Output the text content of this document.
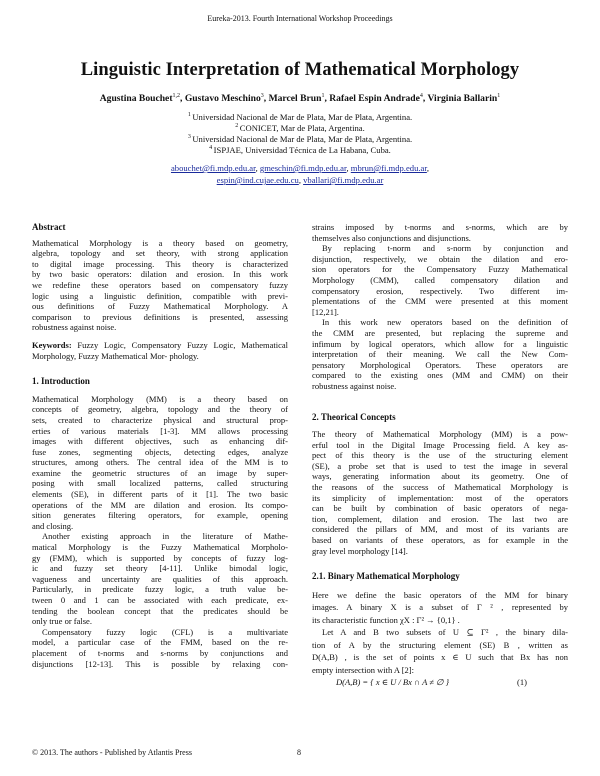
Eureka-2013. Fourth International Workshop Proceedings
Linguistic Interpretation of Mathematical Morphology
Agustina Bouchet$^{1,2}$, Gustavo Meschino$^3$, Marcel Brun$^1$, Rafael Espin Andrade$^4$, Virginia Ballarin$^1$
$^1$ Universidad Nacional de Mar de Plata, Mar de Plata, Argentina.
$^2$ CONICET, Mar de Plata, Argentina.
$^3$ Universidad Nacional de Mar de Plata, Mar de Plata, Argentina.
$^4$ ISPJAE, Universidad Técnica de La Habana, Cuba.
abouchet@fi.mdp.edu.ar, gmeschin@fi.mdp.edu.ar, mbrun@fi.mdp.edu.ar,
espin@ind.cujae.edu.cu, vballari@fi.mdp.edu.ar

Abstract

Mathematical Morphology is a theory based on geometry,
algebra, topology and set theory, with strong application
to digital image processing. This theory is characterized
by two basic operators: dilation and erosion. In this work
we redefine these operators based on compensatory fuzzy
logic using a linguistic definition, compatible with previ-
ous definitions of Fuzzy Mathematical Morphology. A
comparison to previous definitions is presented, assessing
robustness against noise.

Keywords: Fuzzy Logic, Compensatory Fuzzy Logic, Mathematical Morphology, Fuzzy Mathematical Mor- phology.

1. Introduction

Mathematical Morphology (MM) is a theory based on
concepts of geometry, algebra, topology and the theory of
sets, created to characterize physical and structural prop-
erties of various materials [1-3]. MM allows processing
images with different objectives, such as enhancing dif-
fuse zones, segmenting objects, detecting edges, analyze
structures, among others. The central idea of the MM is to
examine the geometric structures of an image by super-
posing with small localized patterns, called structuring
elements (SE), in different parts of it [1]. The two basic
operations of the MM are dilation and erosion. Its compo-
sition generates filtering operators, for example, opening
and closing.
Another existing approach in the literature of Mathe-
matical Morphology is the Fuzzy Mathematical Morpholo-
gy (FMM), which is supported by concepts of fuzzy log-
ic and fuzzy set theory [4-11]. Unlike bimodal logic,
vagueness and uncertainty are qualities of this approach.
Particularly, in predicate fuzzy logic, a truth value be-
tween 0 and 1 can be associated with each predicate, ex-
tending the boolean concept that the predicates should be
only true or false.
Compensatory fuzzy logic (CFL) is a multivariate
model, a particular case of the FMM, based on the re-
placement of t-norms and s-norms by conjunctions and
disjunctions [12-13]. This is possible by relaxing con-
strains imposed by t-norms and s-norms, which are by
themselves also conjunctions and disjunctions.
By replacing t-norm and s-norm by conjunction and
disjunction, respectively, we obtain the dilation and ero-
sion operators for the Compensatory Fuzzy Mathematical
Morphology (CMM), called compensatory dilation and
compensatory erosion, respectively. Two different im-
plementations of the CMM were presented at this moment
[12,21].
In this work new operators based on the definition of
the CMM are presented, but replacing the supreme and
infimum by logical operators, which allow for a linguistic
interpretation of their meaning. We call the New Com-
pensatory Morphological Operators. These operators are
compared to the existing ones (MM and CMM) on their
robustness against noise.

2. Theorical Concepts

The theory of Mathematical Morphology (MM) is a pow-
erful tool in the Digital Image Processing field. A key as-
pect of this theory is the use of the structuring element
(SE), a probe set that is used to test the image in several
ways, generating information about its geometry. One of
the reasons of the success of Mathematical Morphology is
its simplicity of implementation: most of the operators
can be built by combination of basic operators of nega-
tion, complement, dilation and erosion. The last two are
considered the pillars of MM, and most of its variants are
based on variants of these operators, as for example in the
gray level morphology [14].

2.1. Binary Mathematical Morphology

Here we define the basic operators of the MM for binary
images. A binary X is a subset of Γ ² , represented by
its characteristic function χX : Γ² → {0,1} .
Let A and B two subsets of U ⊆ Γ² , the binary dila-
tion of A by the structuring element (SE) B , written as
D(A,B) , is the set of points x ∈ U such that Bx has non
empty intersection with A [2]:
D(A,B) = { x ∈ U / Bx ∩ A ≠ ∅ }	(1)
© 2013. The authors - Published by Atlantis Press	8
